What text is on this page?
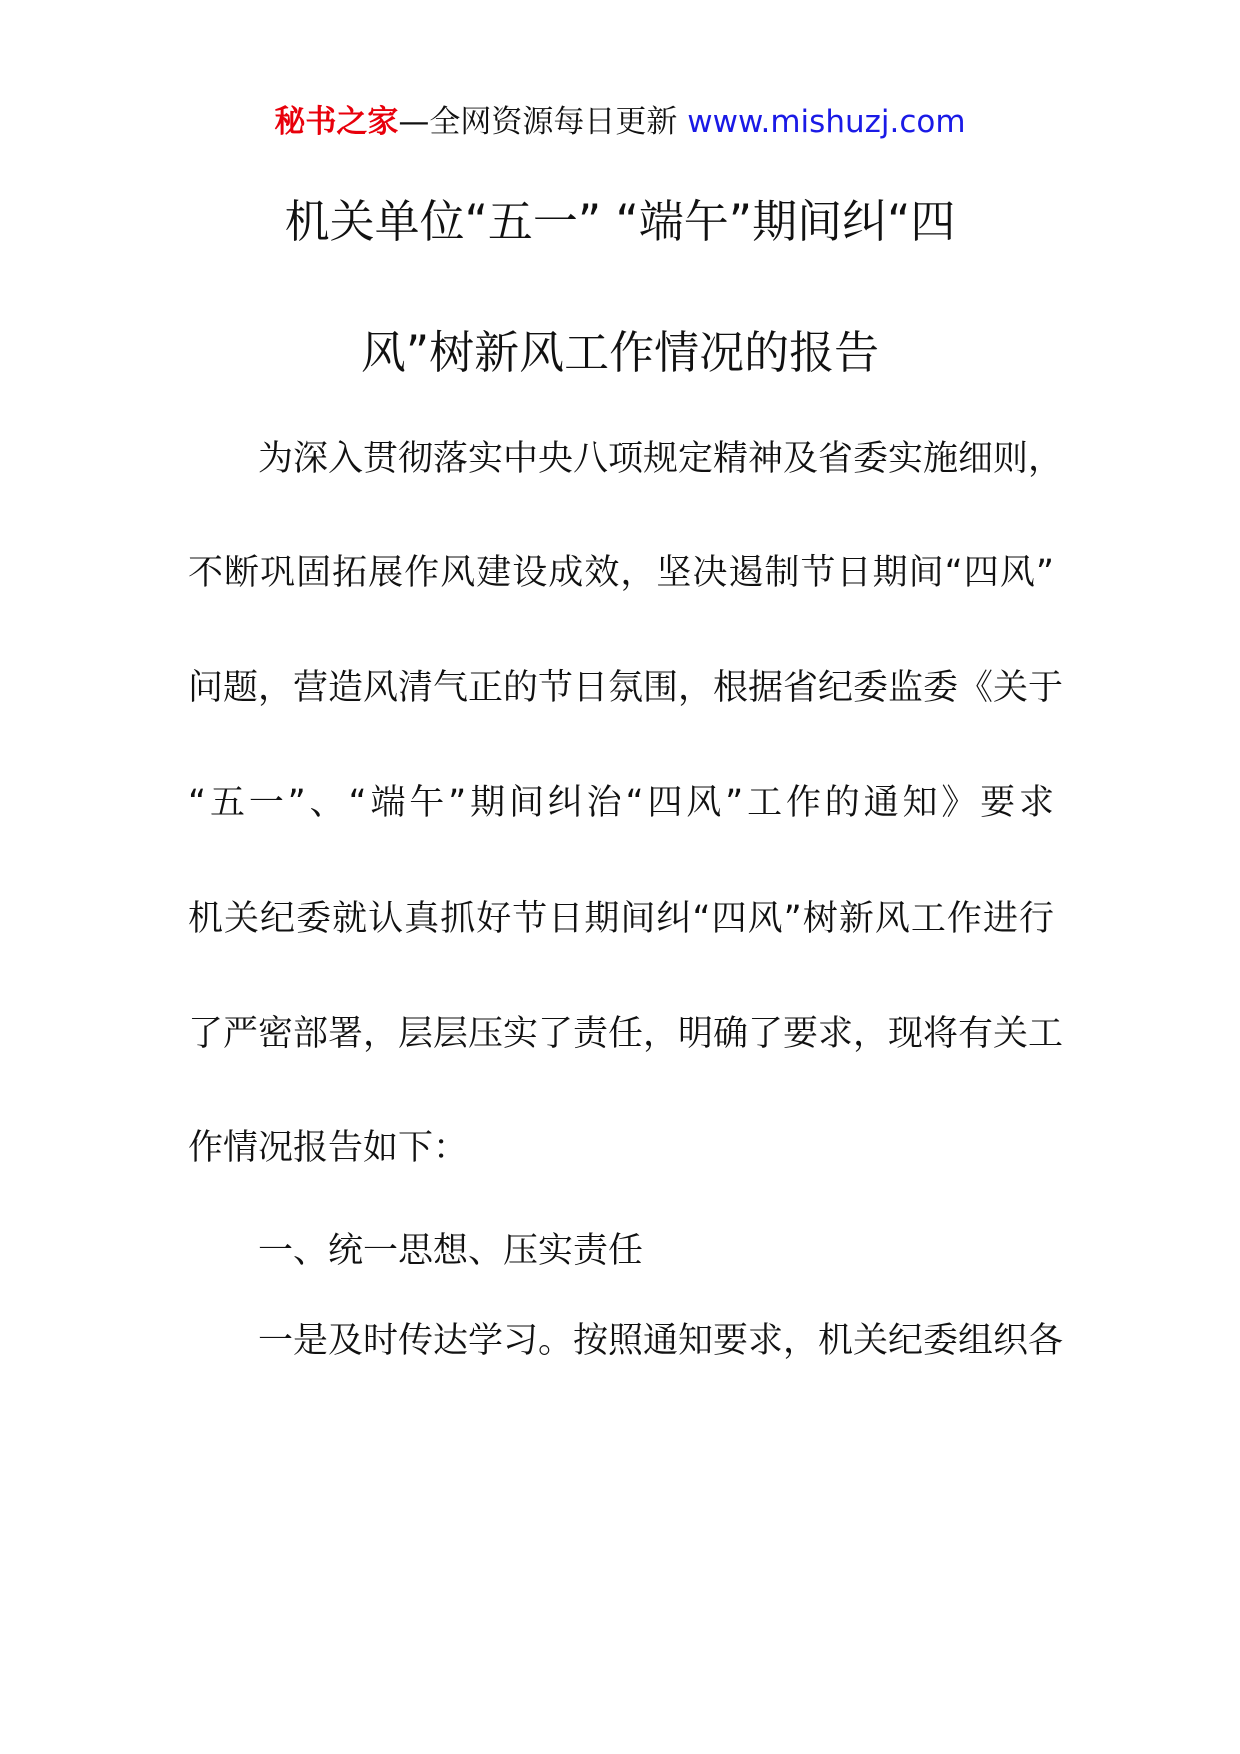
秘书之家—全网资源每日更新 www.mishuzj.com
机关单位“五一” “端午”期间纠“四
风”树新风工作情况的报告
为深入贯彻落实中央八项规定精神及省委实施细则，
不断巩固拓展作风建设成效，坚决遏制节日期间“四风”
问题，营造风清气正的节日氛围，根据省纪委监委《关于
“五一”、“端午”期间纠治“四风”工作的通知》要求
机关纪委就认真抓好节日期间纠“四风”树新风工作进行
了严密部署，层层压实了责任，明确了要求，现将有关工
作情况报告如下：
一、统一思想、压实责任
一是及时传达学习。按照通知要求，机关纪委组织各
